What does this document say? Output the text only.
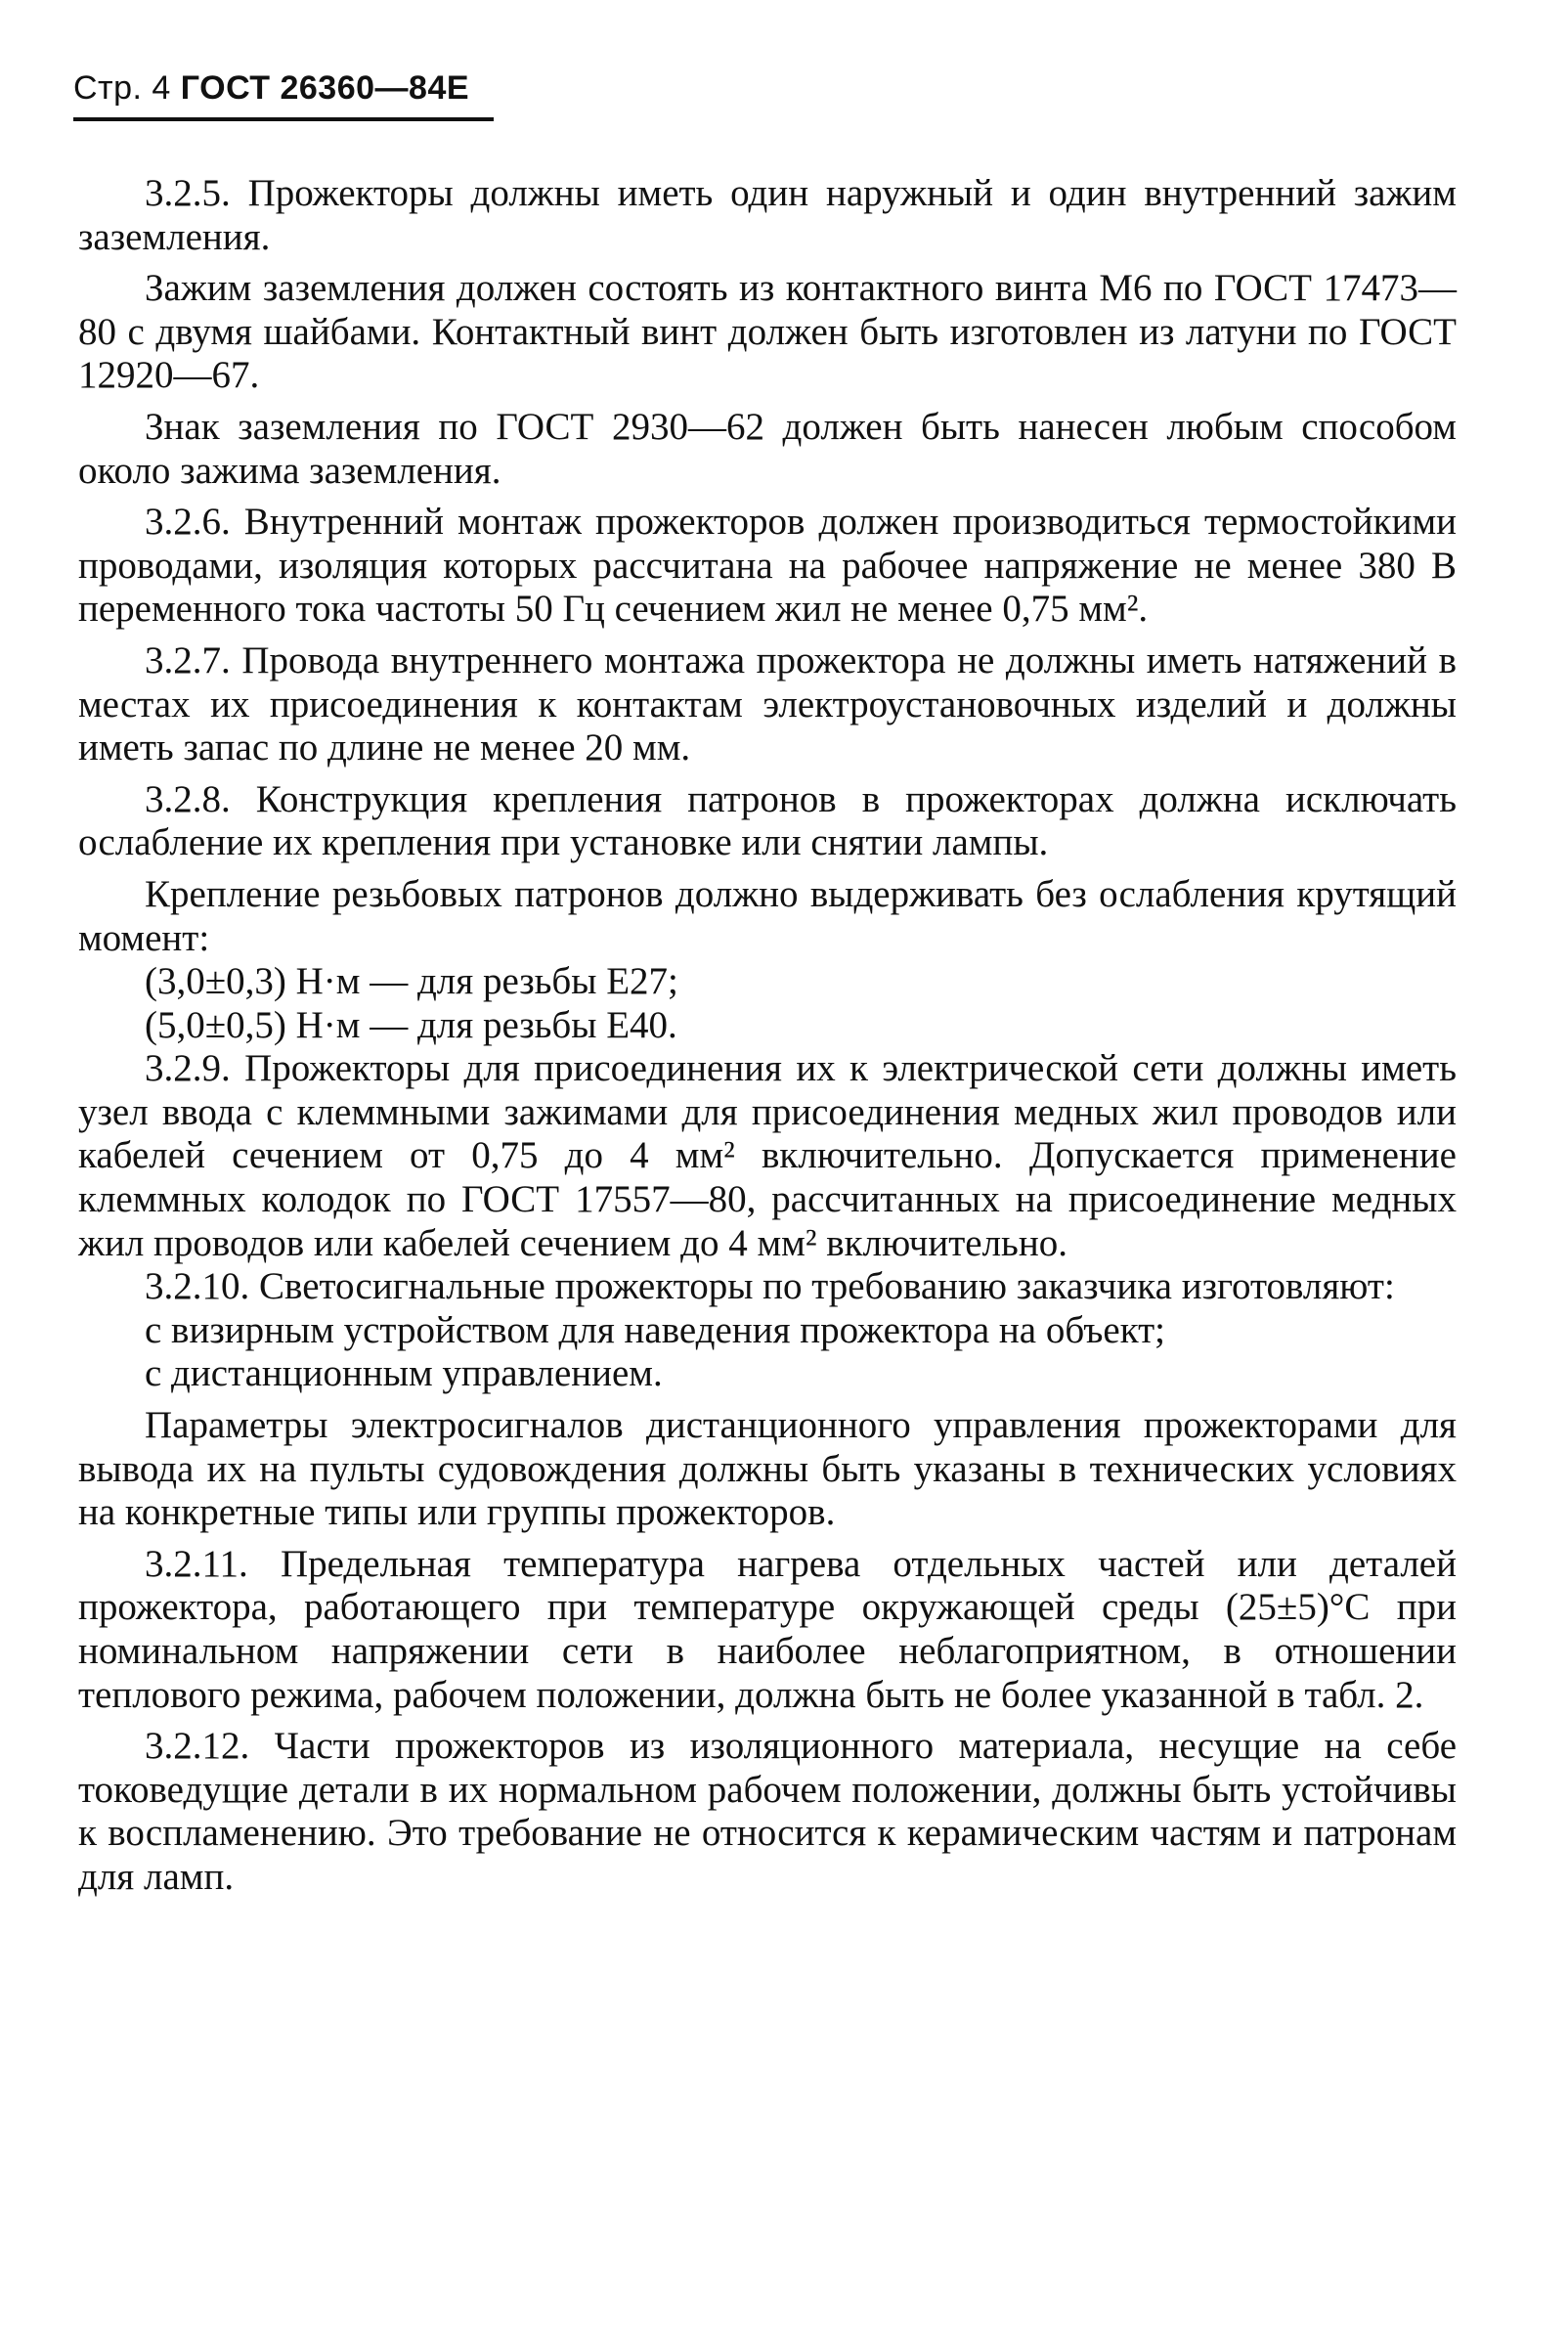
Стр. 4 ГОСТ 26360—84Е

3.2.5. Прожекторы должны иметь один наружный и один внутренний зажим заземления.

Зажим заземления должен состоять из контактного винта М6 по ГОСТ 17473—80 с двумя шайбами. Контактный винт должен быть изготовлен из латуни по ГОСТ 12920—67.

Знак заземления по ГОСТ 2930—62 должен быть нанесен любым способом около зажима заземления.

3.2.6. Внутренний монтаж прожекторов должен производиться термостойкими проводами, изоляция которых рассчитана на рабочее напряжение не менее 380 В переменного тока частоты 50 Гц сечением жил не менее 0,75 мм².

3.2.7. Провода внутреннего монтажа прожектора не должны иметь натяжений в местах их присоединения к контактам электроустановочных изделий и должны иметь запас по длине не менее 20 мм.

3.2.8. Конструкция крепления патронов в прожекторах должна исключать ослабление их крепления при установке или снятии лампы.

Крепление резьбовых патронов должно выдерживать без ослабления крутящий момент:

(3,0±0,3) Н·м — для резьбы Е27;

(5,0±0,5) Н·м — для резьбы Е40.

3.2.9. Прожекторы для присоединения их к электрической сети должны иметь узел ввода с клеммными зажимами для присоединения медных жил проводов или кабелей сечением от 0,75 до 4 мм² включительно. Допускается применение клеммных колодок по ГОСТ 17557—80, рассчитанных на присоединение медных жил проводов или кабелей сечением до 4 мм² включительно.

3.2.10. Светосигнальные прожекторы по требованию заказчика изготовляют:

с визирным устройством для наведения прожектора на объект;

с дистанционным управлением.

Параметры электросигналов дистанционного управления прожекторами для вывода их на пульты судовождения должны быть указаны в технических условиях на конкретные типы или группы прожекторов.

3.2.11. Предельная температура нагрева отдельных частей или деталей прожектора, работающего при температуре окружающей среды (25±5)°С при номинальном напряжении сети в наиболее неблагоприятном, в отношении теплового режима, рабочем положении, должна быть не более указанной в табл. 2.

3.2.12. Части прожекторов из изоляционного материала, несущие на себе токоведущие детали в их нормальном рабочем положении, должны быть устойчивы к воспламенению. Это требование не относится к керамическим частям и патронам для ламп.
